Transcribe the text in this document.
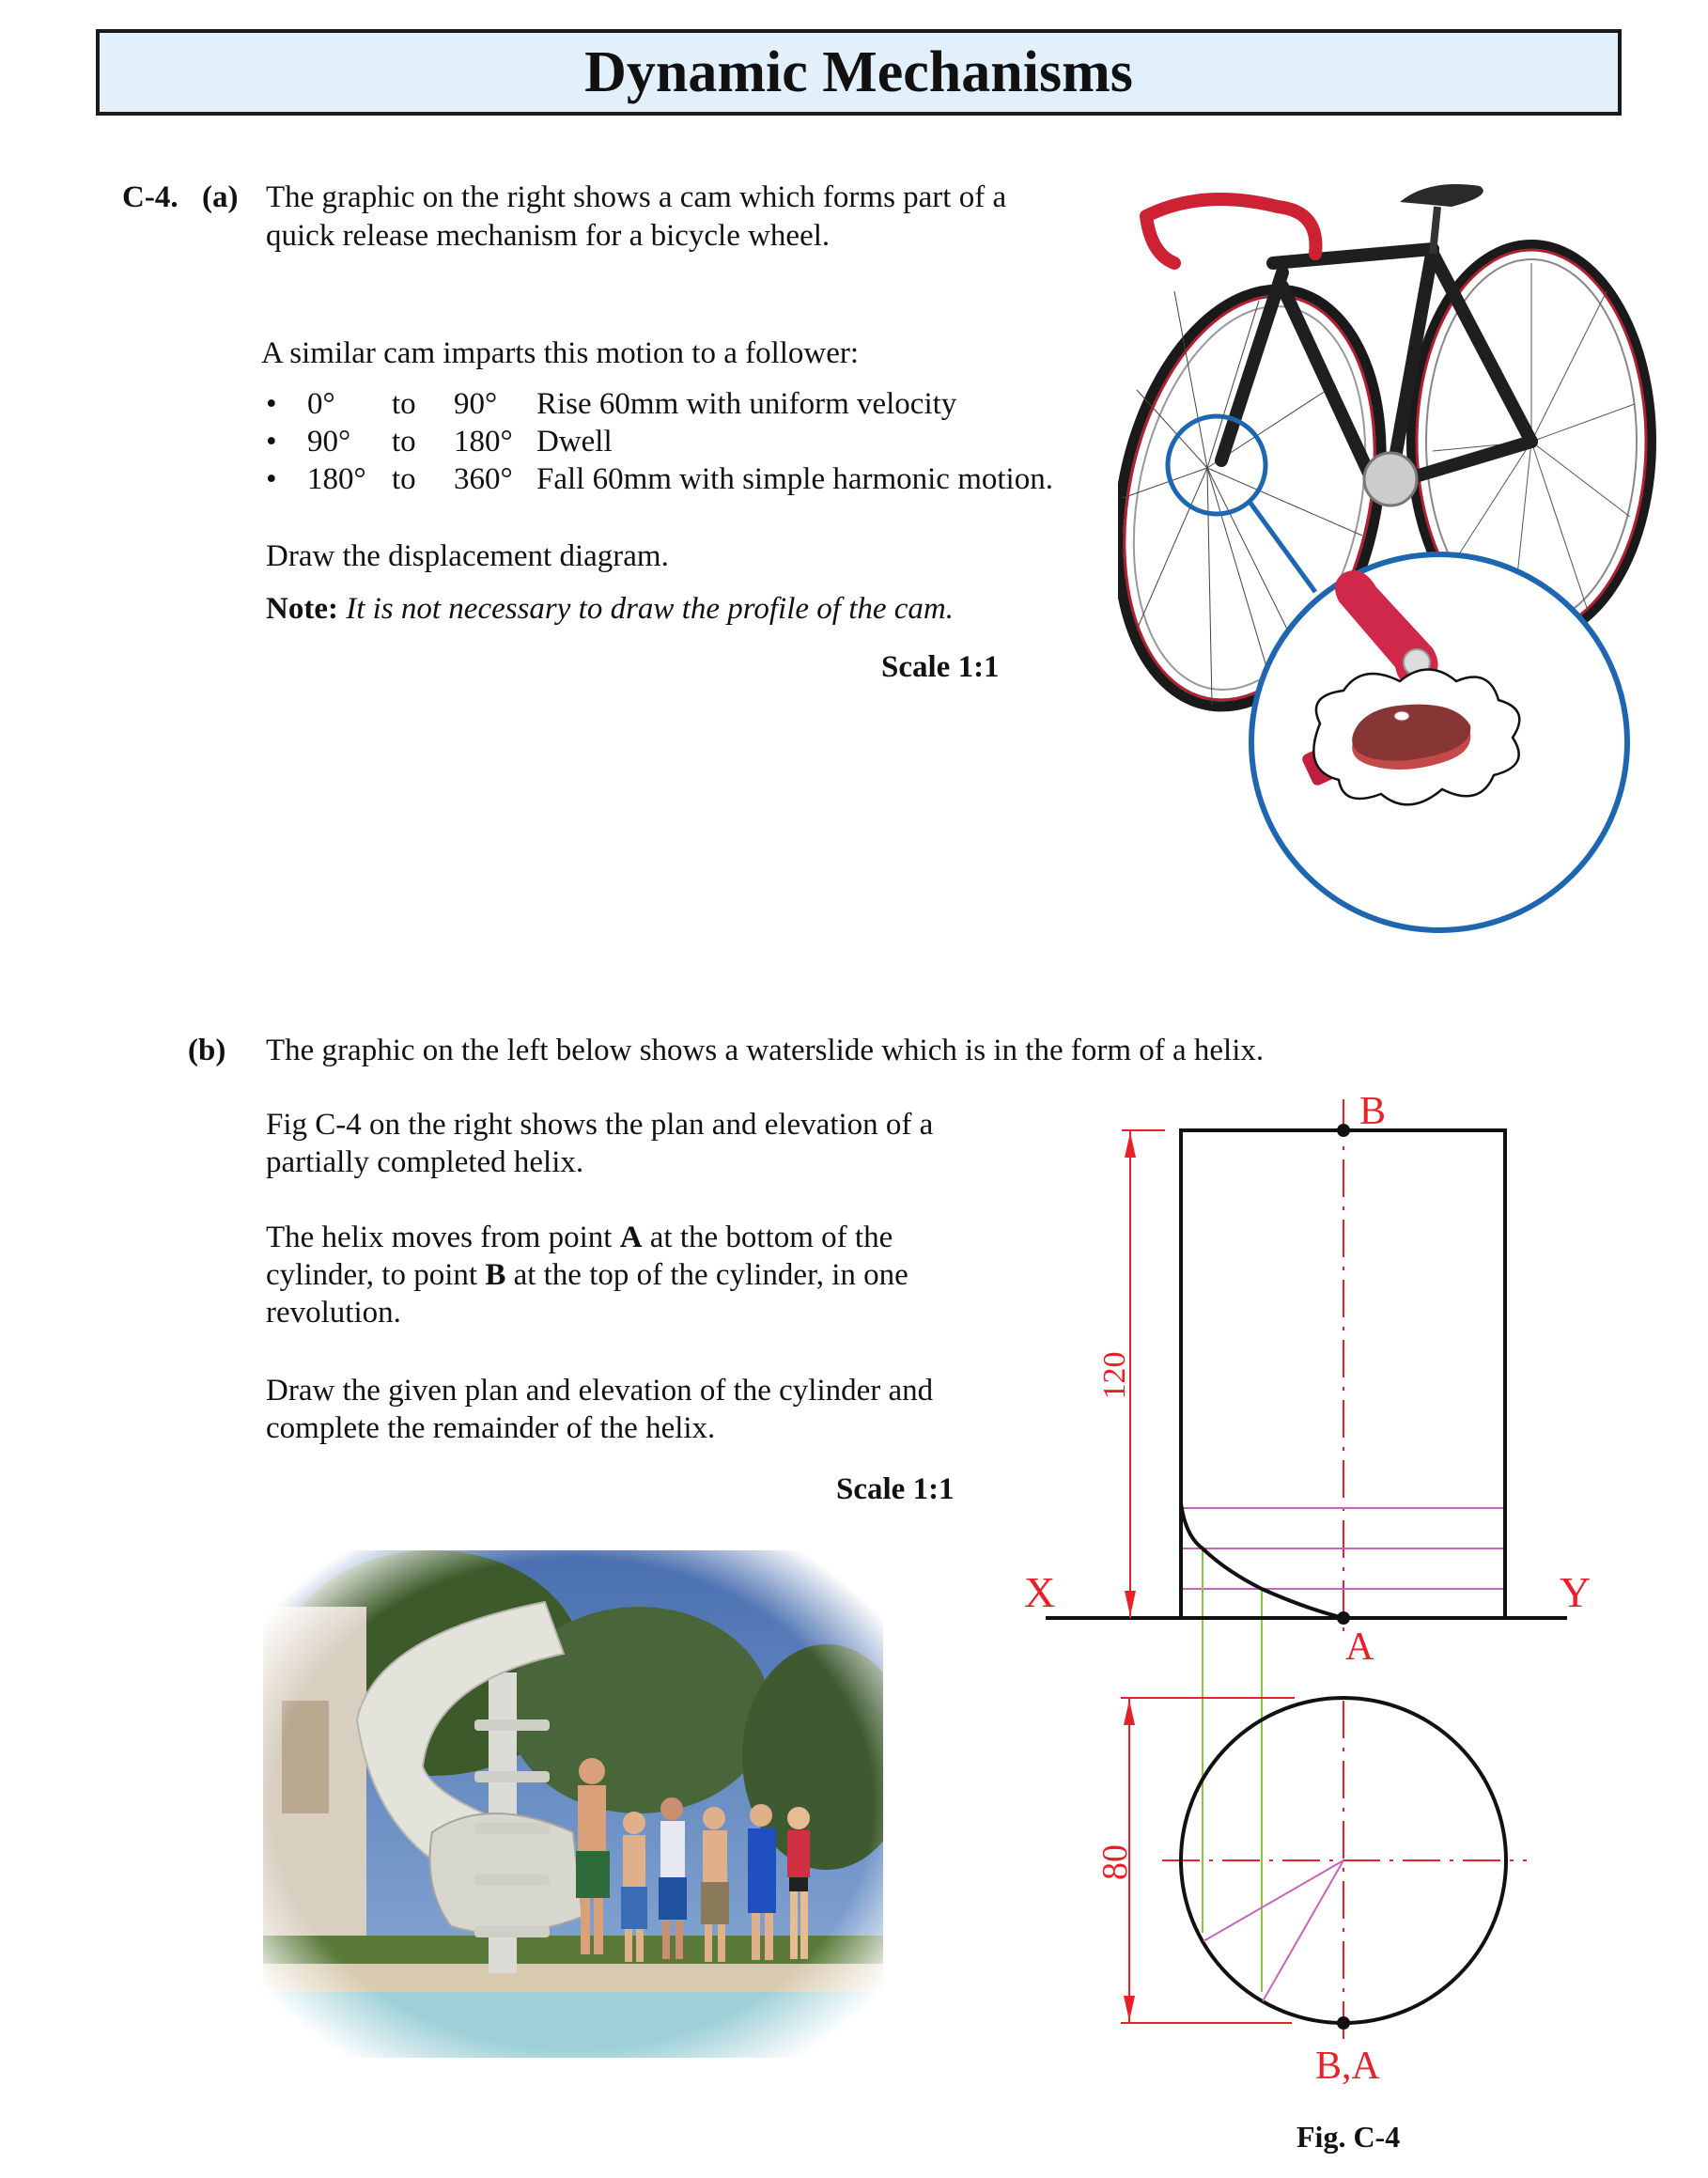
Dynamic Mechanisms
C-4. (a) The graphic on the right shows a cam which forms part of a
quick release mechanism for a bicycle wheel.
A similar cam imparts this motion to a follower:
• 0°	to	90°	Rise 60mm with uniform velocity
• 90°	to	180° Dwell
• 180° to	360° Fall 60mm with simple harmonic motion.
Draw the displacement diagram.
Note: It is not necessary to draw the profile of the cam.
Scale 1:1
(b) The graphic on the left below shows a waterslide which is in the form of a helix.
Fig C-4 on the right shows the plan and elevation of a
partially completed helix.
The helix moves from point A at the bottom of the
cylinder, to point B at the top of the cylinder, in one
revolution.
Draw the given plan and elevation of the cylinder and
complete the remainder of the helix.
Scale 1:1
B
A
X	Y
B,A
120
80
Fig. C-4
